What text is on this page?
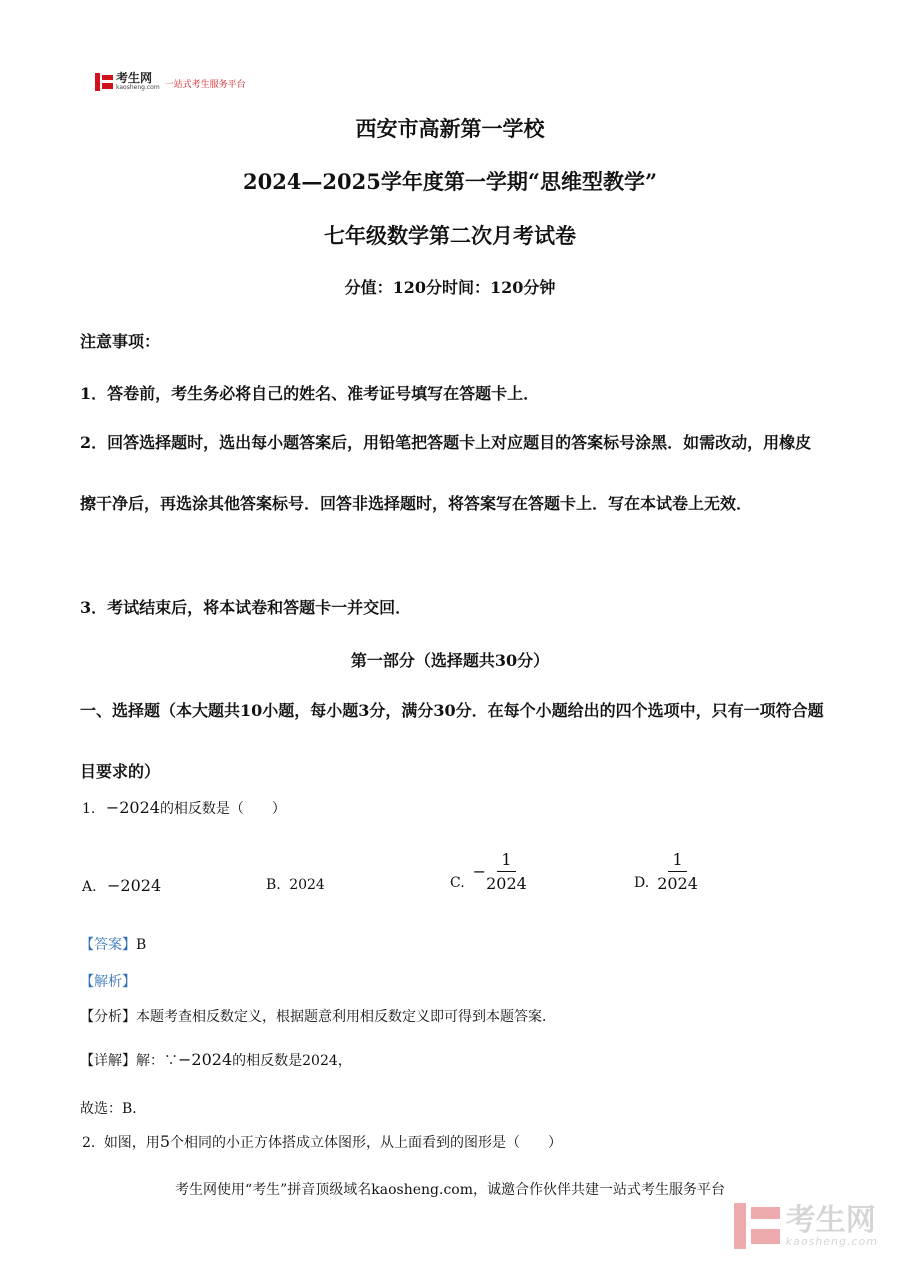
考生网
kaosheng.com 一站式考生服务平台
西安市高新第一学校
2024—2025学年度第一学期“思维型教学”
七年级数学第二次月考试卷
分值：120分时间：120分钟
注意事项：
1．答卷前，考生务必将自己的姓名、准考证号填写在答题卡上．
2．回答选择题时，选出每小题答案后，用铅笔把答题卡上对应题目的答案标号涂黑．如需改动，用橡皮擦干净后，再选涂其他答案标号．回答非选择题时，将答案写在答题卡上．写在本试卷上无效．
3．考试结束后，将本试卷和答题卡一并交回．
第一部分（选择题共30分）
一、选择题（本大题共10小题，每小题3分，满分30分．在每个小题给出的四个选项中，只有一项符合题目要求的）
1. −2024的相反数是（　　）
A. −2024	B. 2024	C.
− $\frac{1}{2024}$	D. $\frac{1}{2024}$
【答案】B
【解析】
【分析】本题考查相反数定义，根据题意利用相反数定义即可得到本题答案．
【详解】解：∵−2024的相反数是2024，
故选：B．
2. 如图，用5个相同的小正方体搭成立体图形，从上面看到的图形是（　　）
考生网使用“考生”拼音顶级域名kaosheng.com，诚邀合作伙伴共建一站式考生服务平台
考生网
kaosheng.com
